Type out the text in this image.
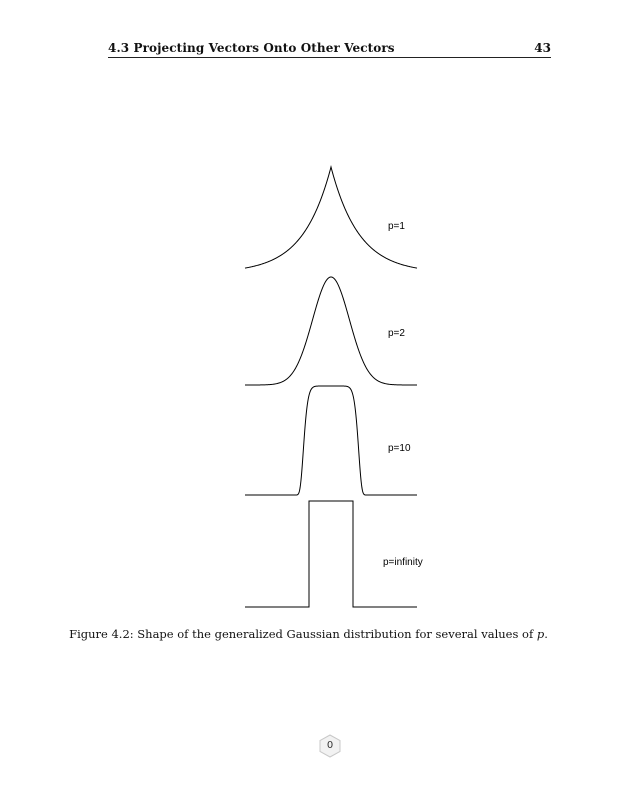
4.3 Projecting Vectors Onto Other Vectors	43
p=1
p=2
p=10
p=infinity
Figure 4.2: Shape of the generalized Gaussian distribution for several values of p.
0
